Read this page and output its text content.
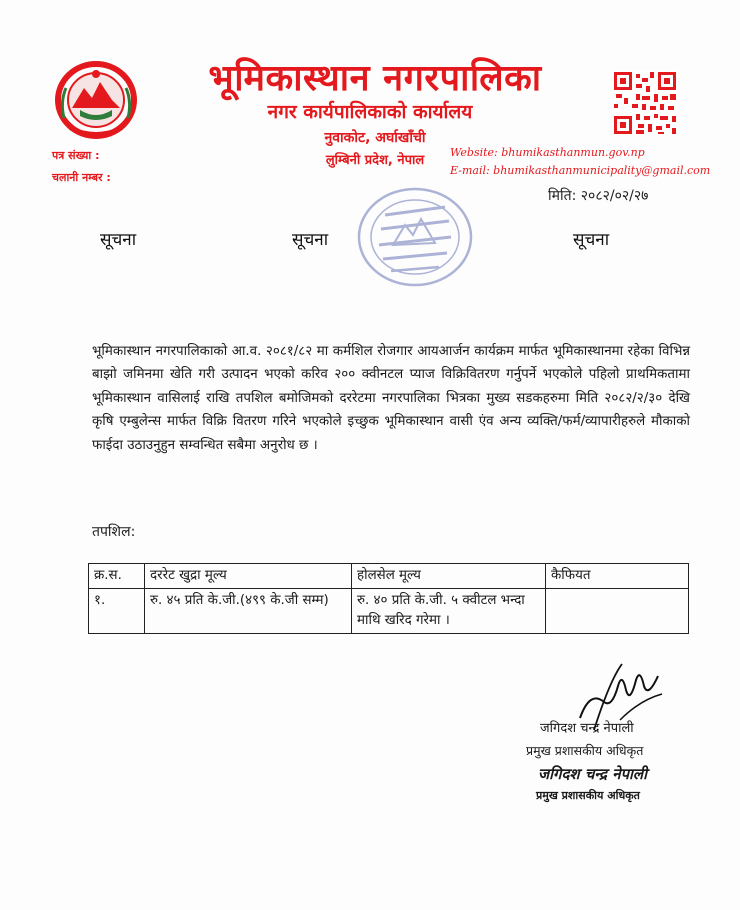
भूमिकास्थान नगरपालिका
नगर कार्यपालिकाको कार्यालय
नुवाकोट, अर्घाखाँची
लुम्बिनी प्रदेश, नेपाल
पत्र संख्या :
चलानी नम्बर :
Website: bhumikasthanmun.gov.np
E-mail: bhumikasthanmunicipality@gmail.com
मिति: २०८२/०२/२७
सूचना	सूचना	सूचना
भूमिकास्थान नगरपालिकाको आ.व. २०८१/८२ मा कर्मशिल रोजगार आयआर्जन कार्यक्रम मार्फत भूमिकास्थानमा रहेका विभिन्न बाझो जमिनमा खेति गरी उत्पादन भएको करिव २०० क्वीनटल प्याज विक्रिवितरण गर्नुपर्ने भएकोले पहिलो प्राथमिकतामा भूमिकास्थान वासिलाई राखि तपशिल बमोजिमको दररेटमा नगरपालिका भित्रका मुख्य सडकहरुमा मिति २०८२/२/३० देखि कृषि एम्बुलेन्स मार्फत विक्रि वितरण गरिने भएकोले इच्छुक भूमिकास्थान वासी एंव अन्य व्यक्ति/फर्म/व्यापारीहरुले मौकाको फाईदा उठाउनुहुन सम्वन्धित सबैमा अनुरोध छ ।
तपशिल:
क्र.स.	दररेट खुद्रा मूल्य	होलसेल मूल्य	कैफियत
१.	रु. ४५ प्रति के.जी.(४९९ के.जी सम्म)	रु. ४० प्रति के.जी. ५ क्वीटल भन्दा माथि खरिद गरेमा ।	
जगिदश चन्द्र नेपाली
प्रमुख प्रशासकीय अधिकृत
जगिदश चन्द्र नेपाली
प्रमुख प्रशासकीय अधिकृत
